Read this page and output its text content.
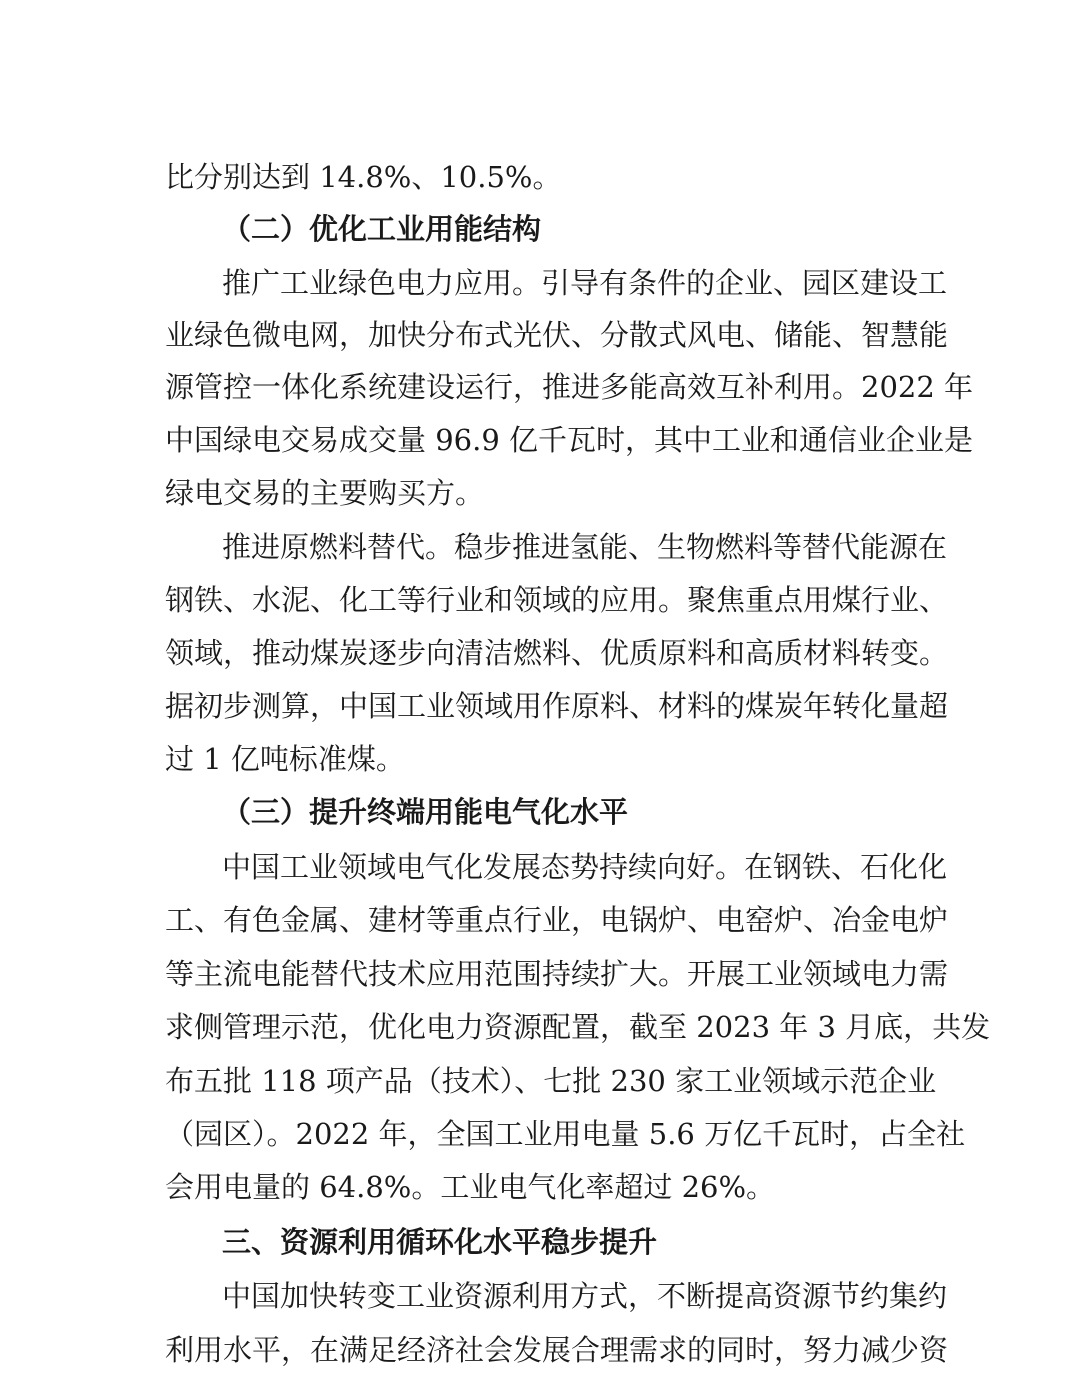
比分别达到 14.8%、10.5%。
（二）优化工业用能结构
推广工业绿色电力应用。引导有条件的企业、园区建设工
业绿色微电网，加快分布式光伏、分散式风电、储能、智慧能
源管控一体化系统建设运行，推进多能高效互补利用。2022 年
中国绿电交易成交量 96.9 亿千瓦时，其中工业和通信业企业是
绿电交易的主要购买方。
推进原燃料替代。稳步推进氢能、生物燃料等替代能源在
钢铁、水泥、化工等行业和领域的应用。聚焦重点用煤行业、
领域，推动煤炭逐步向清洁燃料、优质原料和高质材料转变。
据初步测算，中国工业领域用作原料、材料的煤炭年转化量超
过 1 亿吨标准煤。
（三）提升终端用能电气化水平
中国工业领域电气化发展态势持续向好。在钢铁、石化化
工、有色金属、建材等重点行业，电锅炉、电窑炉、冶金电炉
等主流电能替代技术应用范围持续扩大。开展工业领域电力需
求侧管理示范，优化电力资源配置，截至 2023 年 3 月底，共发
布五批 118 项产品（技术）、七批 230 家工业领域示范企业
（园区）。2022 年，全国工业用电量 5.6 万亿千瓦时，占全社
会用电量的 64.8%。工业电气化率超过 26%。
三、资源利用循环化水平稳步提升
中国加快转变工业资源利用方式，不断提高资源节约集约
利用水平，在满足经济社会发展合理需求的同时，努力减少资
